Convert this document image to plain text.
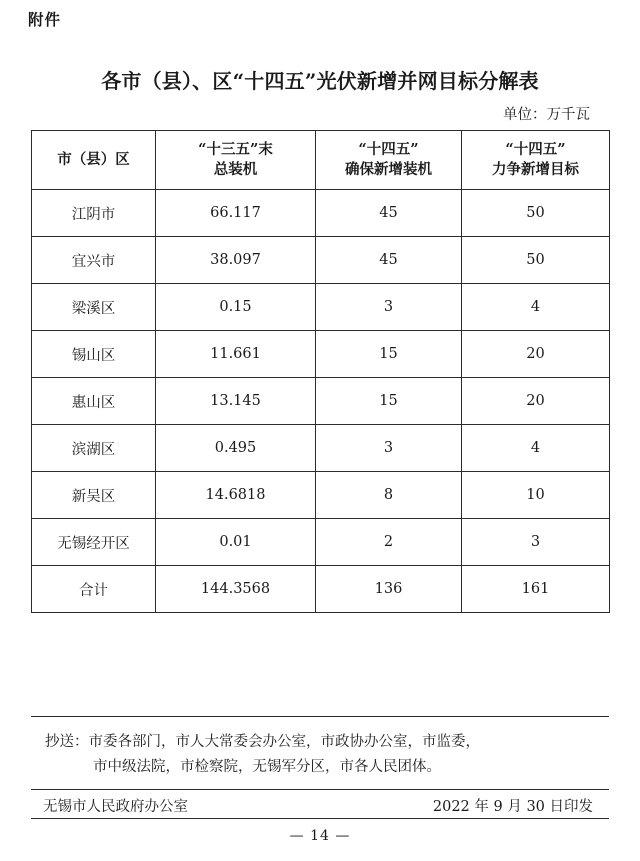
附件
各市（县）、区“十四五”光伏新增并网目标分解表
单位：万千瓦
市（县）区

“十三五”末
总装机

“十四五”
确保新增装机

“十四五”
力争新增目标

江阴市	66.117	45	50
宜兴市	38.097	45	50
梁溪区	0.15	3	4
锡山区	11.661	15	20
惠山区	13.145	15	20
滨湖区	0.495	3	4
新吴区	14.6818	8	10
无锡经开区	0.01	2	3
合计	144.3568	136	161
抄送：市委各部门，市人大常委会办公室，市政协办公室，市监委，
市中级法院，市检察院，无锡军分区，市各人民团体。
无锡市人民政府办公室	2022 年 9 月 30 日印发
— 14 —
